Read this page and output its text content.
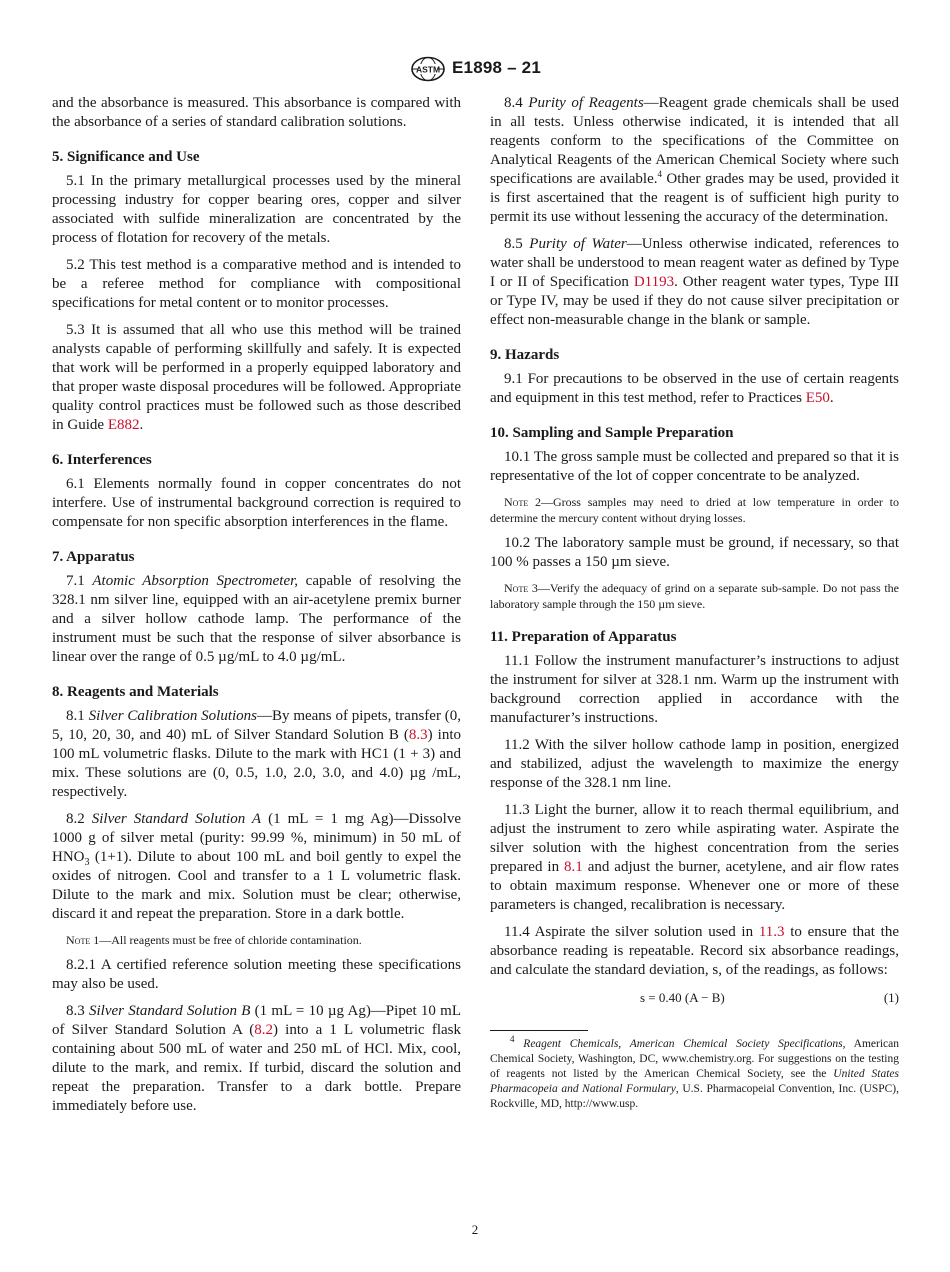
ASTM E1898 – 21

and the absorbance is measured. This absorbance is compared with the absorbance of a series of standard calibration solutions.

5. Significance and Use

5.1 In the primary metallurgical processes used by the mineral processing industry for copper bearing ores, copper and silver associated with sulfide mineralization are concentrated by the process of flotation for recovery of the metals.

5.2 This test method is a comparative method and is intended to be a referee method for compliance with compositional specifications for metal content or to monitor processes.

5.3 It is assumed that all who use this method will be trained analysts capable of performing skillfully and safely. It is expected that work will be performed in a properly equipped laboratory and that proper waste disposal procedures will be followed. Appropriate quality control practices must be followed such as those described in Guide E882.

6. Interferences

6.1 Elements normally found in copper concentrates do not interfere. Use of instrumental background correction is required to compensate for non specific absorption interferences in the flame.

7. Apparatus

7.1 Atomic Absorption Spectrometer, capable of resolving the 328.1 nm silver line, equipped with an air-acetylene premix burner and a silver hollow cathode lamp. The performance of the instrument must be such that the response of silver absorbance is linear over the range of 0.5 µg/mL to 4.0 µg/mL.

8. Reagents and Materials

8.1 Silver Calibration Solutions—By means of pipets, transfer (0, 5, 10, 20, 30, and 40) mL of Silver Standard Solution B (8.3) into 100 mL volumetric flasks. Dilute to the mark with HC1 (1 + 3) and mix. These solutions are (0, 0.5, 1.0, 2.0, 3.0, and 4.0) µg /mL, respectively.

8.2 Silver Standard Solution A (1 mL = 1 mg Ag)—Dissolve 1000 g of silver metal (purity: 99.99 %, minimum) in 50 mL of $HNO_3$ (1+1). Dilute to about 100 mL and boil gently to expel the oxides of nitrogen. Cool and transfer to a 1 L volumetric flask. Dilute to the mark and mix. Solution must be clear; otherwise, discard it and repeat the preparation. Store in a dark bottle.

Note 1—All reagents must be free of chloride contamination.

8.2.1 A certified reference solution meeting these specifications may also be used.

8.3 Silver Standard Solution B (1 mL = 10 µg Ag)—Pipet 10 mL of Silver Standard Solution A (8.2) into a 1 L volumetric flask containing about 500 mL of water and 250 mL of HCl. Mix, cool, dilute to the mark, and remix. If turbid, discard the solution and repeat the preparation. Transfer to a dark bottle. Prepare immediately before use.

8.4 Purity of Reagents—Reagent grade chemicals shall be used in all tests. Unless otherwise indicated, it is intended that all reagents conform to the specifications of the Committee on Analytical Reagents of the American Chemical Society where such specifications are available.$^4$ Other grades may be used, provided it is first ascertained that the reagent is of sufficient high purity to permit its use without lessening the accuracy of the determination.

8.5 Purity of Water—Unless otherwise indicated, references to water shall be understood to mean reagent water as defined by Type I or II of Specification D1193. Other reagent water types, Type III or Type IV, may be used if they do not cause silver precipitation or effect non-measurable change in the blank or sample.

9. Hazards

9.1 For precautions to be observed in the use of certain reagents and equipment in this test method, refer to Practices E50.

10. Sampling and Sample Preparation

10.1 The gross sample must be collected and prepared so that it is representative of the lot of copper concentrate to be analyzed.

Note 2—Gross samples may need to dried at low temperature in order to determine the mercury content without drying losses.

10.2 The laboratory sample must be ground, if necessary, so that 100 % passes a 150 µm sieve.

Note 3—Verify the adequacy of grind on a separate sub-sample. Do not pass the laboratory sample through the 150 µm sieve.

11. Preparation of Apparatus

11.1 Follow the instrument manufacturer’s instructions to adjust the instrument for silver at 328.1 nm. Warm up the instrument with background correction applied in accordance with the manufacturer’s instructions.

11.2 With the silver hollow cathode lamp in position, energized and stabilized, adjust the wavelength to maximize the energy response of the 328.1 nm line.

11.3 Light the burner, allow it to reach thermal equilibrium, and adjust the instrument to zero while aspirating water. Aspirate the silver solution with the highest concentration from the series prepared in 8.1 and adjust the burner, acetylene, and air flow rates to obtain maximum response. Whenever one or more of these parameters is changed, recalibration is necessary.

11.4 Aspirate the silver solution used in 11.3 to ensure that the absorbance reading is repeatable. Record six absorbance readings, and calculate the standard deviation, s, of the readings, as follows:

s = 0.40 (A − B)	(1)

$^4$ Reagent Chemicals, American Chemical Society Specifications, American Chemical Society, Washington, DC, www.chemistry.org. For suggestions on the testing of reagents not listed by the American Chemical Society, see the United States Pharmacopeia and National Formulary, U.S. Pharmacopeial Convention, Inc. (USPC), Rockville, MD, http://www.usp.

2
